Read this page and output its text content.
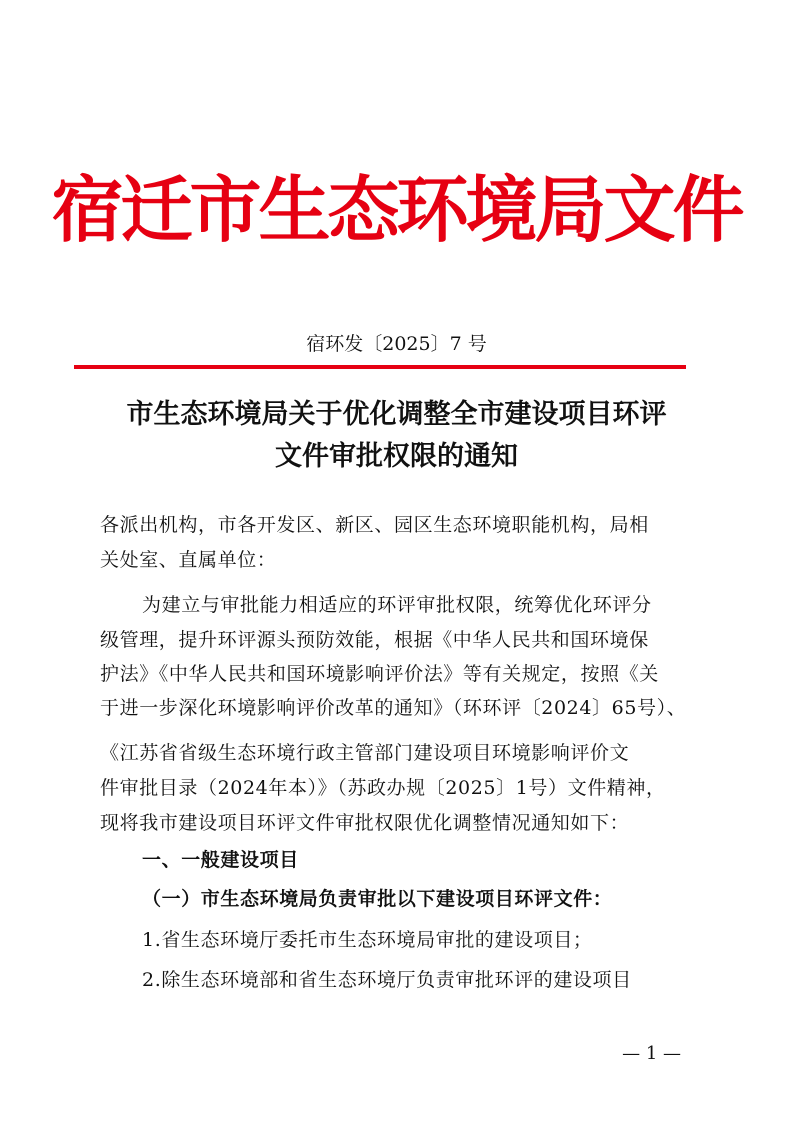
宿迁市生态环境局文件
宿环发〔2025〕7 号
市生态环境局关于优化调整全市建设项目环评
文件审批权限的通知
各派出机构，市各开发区、新区、园区生态环境职能机构，局相
关处室、直属单位：
为建立与审批能力相适应的环评审批权限，统筹优化环评分
级管理，提升环评源头预防效能，根据《中华人民共和国环境保
护法》《中华人民共和国环境影响评价法》等有关规定，按照《关
于进一步深化环境影响评价改革的通知》（环环评〔2024〕65号）、
《江苏省省级生态环境行政主管部门建设项目环境影响评价文
件审批目录（2024年本）》（苏政办规〔2025〕1号）文件精神，
现将我市建设项目环评文件审批权限优化调整情况通知如下：
一、一般建设项目
（一）市生态环境局负责审批以下建设项目环评文件：
1.省生态环境厅委托市生态环境局审批的建设项目；
2.除生态环境部和省生态环境厅负责审批环评的建设项目
— 1 —
